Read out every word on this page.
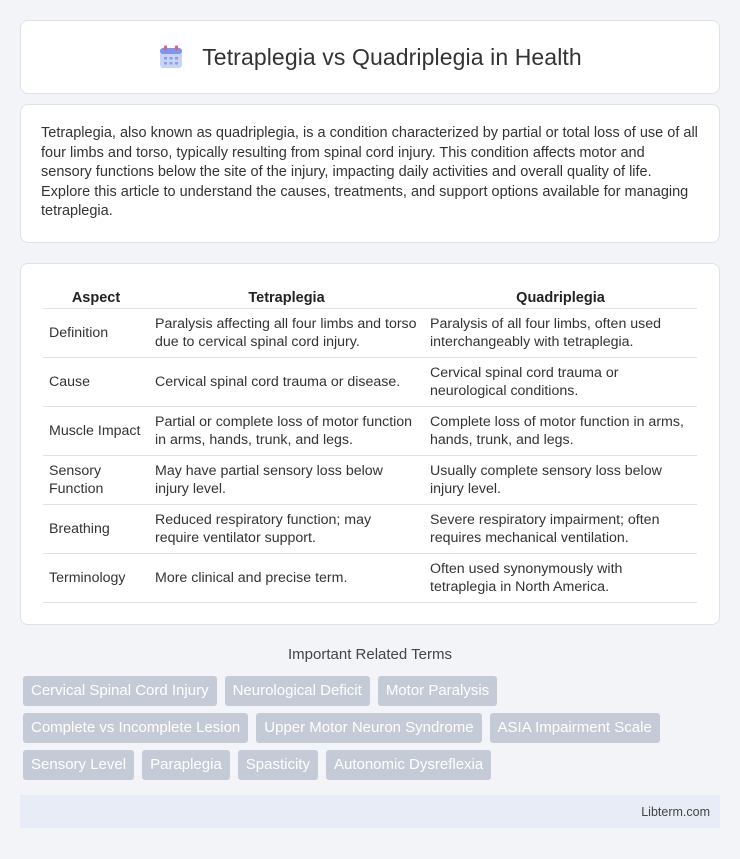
Tetraplegia vs Quadriplegia in Health

Tetraplegia, also known as quadriplegia, is a condition characterized by partial or total loss of use of all four limbs and torso, typically resulting from spinal cord injury. This condition affects motor and sensory functions below the site of the injury, impacting daily activities and overall quality of life. Explore this article to understand the causes, treatments, and support options available for managing tetraplegia.

Aspect	Tetraplegia	Quadriplegia
Definition	Paralysis affecting all four limbs and torso due to cervical spinal cord injury.	Paralysis of all four limbs, often used interchangeably with tetraplegia.
Cause	Cervical spinal cord trauma or disease.	Cervical spinal cord trauma or neurological conditions.
Muscle Impact	Partial or complete loss of motor function in arms, hands, trunk, and legs.	Complete loss of motor function in arms, hands, trunk, and legs.
Sensory Function	May have partial sensory loss below injury level.	Usually complete sensory loss below injury level.
Breathing	Reduced respiratory function; may require ventilator support.	Severe respiratory impairment; often requires mechanical ventilation.
Terminology	More clinical and precise term.	Often used synonymously with tetraplegia in North America.
Important Related Terms
Cervical Spinal Cord Injury	Neurological Deficit	Motor Paralysis
Complete vs Incomplete Lesion	Upper Motor Neuron Syndrome	ASIA Impairment Scale
Sensory Level	Paraplegia	Spasticity	Autonomic Dysreflexia
Libterm.com
